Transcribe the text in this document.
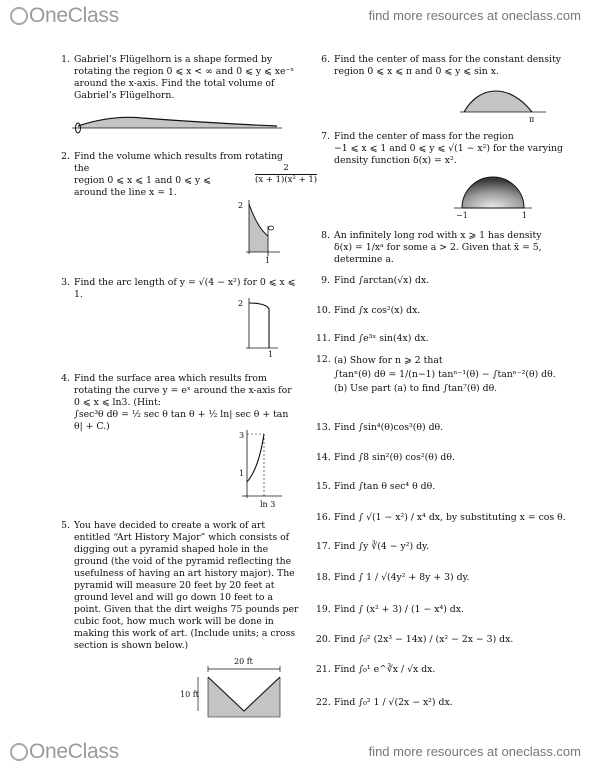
OneClass	find more resources at oneclass.com
OneClass	find more resources at oneclass.com
1. Gabriel’s Flügelhorn is a shape formed by
rotating the region 0 ⩽ x < ∞ and 0 ⩽ y ⩽ xe⁻ˣ
around the x-axis. Find the total volume of
Gabriel’s Flügelhorn.
2. Find the volume which results from rotating the
region 0 ⩽ x ⩽ 1 and 0 ⩽ y ⩽
around the line x = 1.
$\frac{2}{\text{(x + 1)(x² + 1)}}$
2
1
3. Find the arc length of y = √(4 − x²) for 0 ⩽ x ⩽ 1.
2
1
4. Find the surface area which results from
rotating the curve y = eˣ around the x-axis for
0 ⩽ x ⩽ ln3. (Hint:
∫sec³θ dθ = ½ sec θ tan θ + ½ ln| sec θ + tan θ| + C.)
3
1
ln 3
5. You have decided to create a work of art
entitled “Art History Major” which consists of
digging out a pyramid shaped hole in the
ground (the void of the pyramid reflecting the
usefulness of having an art history major). The
pyramid will measure 20 feet by 20 feet at
ground level and will go down 10 feet to a
point. Given that the dirt weighs 75 pounds per
cubic foot, how much work will be done in
making this work of art. (Include units; a cross
section is shown below.)
20 ft
10 ft
6. Find the center of mass for the constant density
region 0 ⩽ x ⩽ π and 0 ⩽ y ⩽ sin x.
π
7. Find the center of mass for the region
−1 ⩽ x ⩽ 1 and 0 ⩽ y ⩽ √(1 − x²) for the varying
density function δ(x) = x².
−1	1
8. An infinitely long rod with x ⩾ 1 has density
δ(x) = 1/xᵃ for some a > 2. Given that x̄ = 5,
determine a.
9. Find ∫arctan(√x) dx.
10. Find ∫x cos²(x) dx.
11. Find ∫e³ˣ sin(4x) dx.
12. (a) Show for n ⩾ 2 that
∫tanⁿ(θ) dθ = 1/(n−1) tanⁿ⁻¹(θ) − ∫tanⁿ⁻²(θ) dθ.
(b) Use part (a) to find ∫tan⁷(θ) dθ.
13. Find ∫sin⁴(θ)cos³(θ) dθ.
14. Find ∫8 sin²(θ) cos²(θ) dθ.
15. Find ∫tan θ sec⁴ θ dθ.
16. Find ∫ √(1 − x²) / x⁴ dx, by substituting x = cos θ.
17. Find ∫y ∛(4 − y²) dy.
18. Find ∫ 1 / √(4y² + 8y + 3) dy.
19. Find ∫ (x² + 3) / (1 − x⁴) dx.
20. Find ∫₀² (2x³ − 14x) / (x² − 2x − 3) dx.
21. Find ∫₀¹ e^∛x / √x dx.
22. Find ∫₀² 1 / √(2x − x²) dx.
